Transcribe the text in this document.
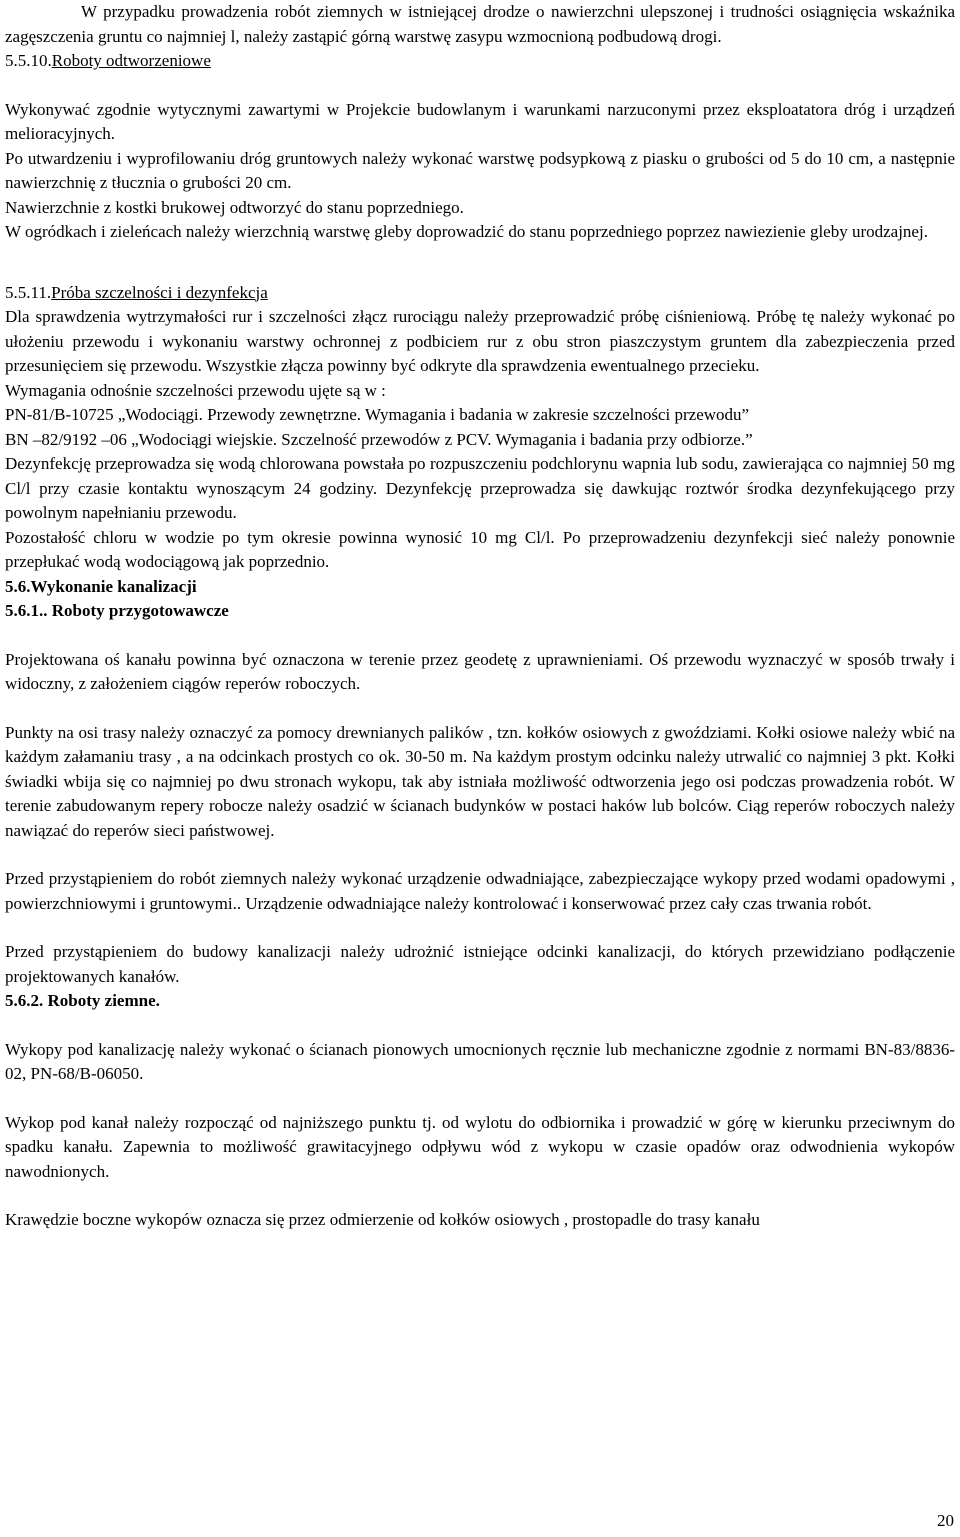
W przypadku prowadzenia robót ziemnych w istniejącej drodze o nawierzchni ulepszonej i trudności osiągnięcia wskaźnika zagęszczenia gruntu co najmniej l, należy zastąpić górną warstwę zasypu wzmocnioną podbudową drogi.

5.5.10.Roboty odtworzeniowe

Wykonywać zgodnie wytycznymi zawartymi w Projekcie budowlanym i warunkami narzuconymi przez eksploatatora dróg i urządzeń melioracyjnych.

Po utwardzeniu i wyprofilowaniu dróg gruntowych należy wykonać warstwę podsypkową z piasku o grubości od 5 do 10 cm, a następnie nawierzchnię z tłucznia o grubości 20 cm.

Nawierzchnie z kostki brukowej odtworzyć do stanu poprzedniego.

W ogródkach i zieleńcach należy wierzchnią warstwę gleby doprowadzić do stanu poprzedniego poprzez nawiezienie gleby urodzajnej.

5.5.11.Próba szczelności i dezynfekcja

Dla sprawdzenia wytrzymałości rur i szczelności złącz rurociągu należy przeprowadzić próbę ciśnieniową. Próbę tę należy wykonać po ułożeniu przewodu i wykonaniu warstwy ochronnej z podbiciem rur z obu stron piaszczystym gruntem dla zabezpieczenia przed przesunięciem się przewodu. Wszystkie złącza powinny być odkryte dla sprawdzenia ewentualnego przecieku.

Wymagania odnośnie szczelności przewodu ujęte są w :

PN-81/B-10725 „Wodociągi. Przewody zewnętrzne. Wymagania i badania w zakresie szczelności przewodu”

BN –82/9192 –06 „Wodociągi wiejskie. Szczelność przewodów z PCV. Wymagania i badania przy odbiorze.”

Dezynfekcję przeprowadza się wodą chlorowana powstała po rozpuszczeniu podchlorynu wapnia lub sodu, zawierająca co najmniej 50 mg Cl/l przy czasie kontaktu wynoszącym 24 godziny. Dezynfekcję przeprowadza się dawkując roztwór środka dezynfekującego przy powolnym napełnianiu przewodu.

Pozostałość chloru w wodzie po tym okresie powinna wynosić 10 mg Cl/l. Po przeprowadzeniu dezynfekcji sieć należy ponownie przepłukać wodą wodociągową jak poprzednio.

5.6.Wykonanie kanalizacji

5.6.1.. Roboty przygotowawcze

Projektowana oś kanału powinna być oznaczona w terenie przez geodetę z uprawnieniami. Oś przewodu wyznaczyć w sposób trwały i widoczny, z założeniem ciągów reperów roboczych.

Punkty na osi trasy należy oznaczyć za pomocy drewnianych palików , tzn. kołków osiowych z gwoździami. Kołki osiowe należy wbić na każdym załamaniu trasy , a na odcinkach prostych co ok. 30-50 m. Na każdym prostym odcinku należy utrwalić co najmniej 3 pkt. Kołki świadki wbija się co najmniej po dwu stronach wykopu, tak aby istniała możliwość odtworzenia jego osi podczas prowadzenia robót. W terenie zabudowanym repery robocze należy osadzić w ścianach budynków w postaci haków lub bolców. Ciąg reperów roboczych należy nawiązać do reperów sieci państwowej.

Przed przystąpieniem do robót ziemnych należy wykonać urządzenie odwadniające, zabezpieczające wykopy przed wodami opadowymi , powierzchniowymi i gruntowymi.. Urządzenie odwadniające należy kontrolować i konserwować przez cały czas trwania robót.

Przed przystąpieniem do budowy kanalizacji należy udrożnić istniejące odcinki kanalizacji, do których przewidziano podłączenie projektowanych kanałów.

5.6.2. Roboty ziemne.

Wykopy pod kanalizację należy wykonać o ścianach pionowych umocnionych ręcznie lub mechaniczne zgodnie z normami BN-83/8836-02, PN-68/B-06050.

Wykop pod kanał należy rozpocząć od najniższego punktu tj. od wylotu do odbiornika i prowadzić w górę w kierunku przeciwnym do spadku kanału. Zapewnia to możliwość grawitacyjnego odpływu wód z wykopu w czasie opadów oraz odwodnienia wykopów nawodnionych.

Krawędzie boczne wykopów oznacza się przez odmierzenie od kołków osiowych , prostopadle do trasy kanału

20
